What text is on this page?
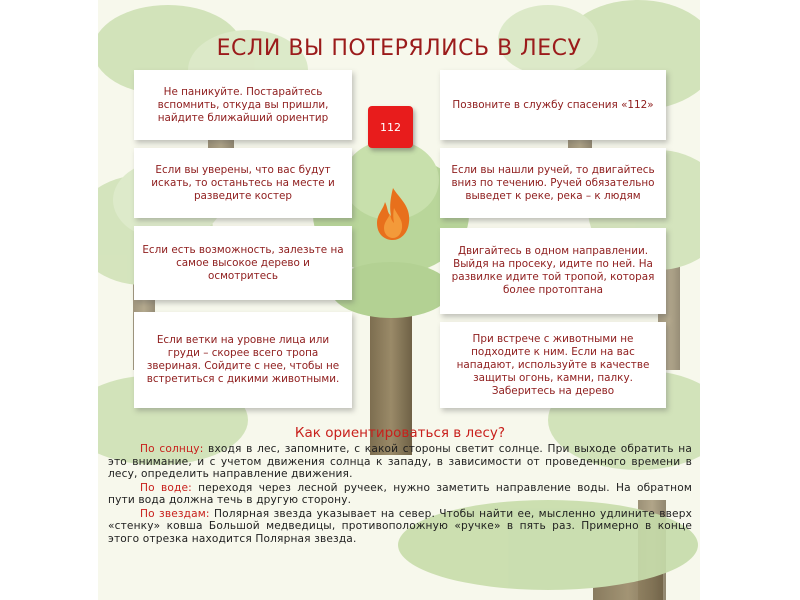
ЕСЛИ ВЫ ПОТЕРЯЛИСЬ В ЛЕСУ
Не паникуйте. Постарайтесь вспомнить, откуда вы пришли, найдите ближайший ориентир
Если вы уверены, что вас будут искать, то останьтесь на месте и разведите костер
Если есть возможность, залезьте на самое высокое дерево и осмотритесь
Если ветки на уровне лица или груди – скорее всего тропа звериная. Сойдите с нее, чтобы не встретиться с дикими животными.
Позвоните в службу спасения «112»
Если вы нашли ручей, то двигайтесь вниз по течению. Ручей обязательно выведет к реке, река – к людям
Двигайтесь в одном направлении. Выйдя на просеку, идите по ней. На развилке идите той тропой, которая более протоптана
При встрече с животными не подходите к ним. Если на вас нападают, используйте в качестве защиты огонь, камни, палку. Заберитесь на дерево
112
Как ориентироваться в лесу?

По солнцу: входя в лес, запомните, с какой стороны светит солнце. При выходе обратить на это внимание, и с учетом движения солнца к западу, в зависимости от проведенного времени в лесу, определить направление движения.

По воде: переходя через лесной ручеек, нужно заметить направление воды. На обратном пути вода должна течь в другую сторону.

По звездам: Полярная звезда указывает на север. Чтобы найти ее, мысленно удлините вверх «стенку» ковша Большой медведицы, противоположную «ручке» в пять раз. Примерно в конце этого отрезка находится Полярная звезда.
